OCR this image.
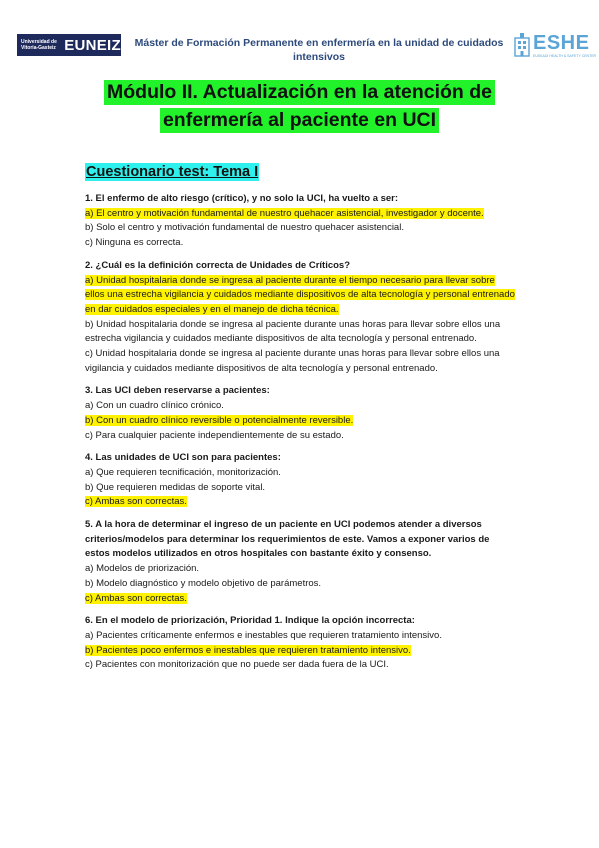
Universidad de Vitoria-Gasteiz EUNEIZ	Máster de Formación Permanente en enfermería en la unidad de cuidados intensivos
ESHE
EUSKADI HEALTH & SAFETY CENTER
Módulo II. Actualización en la atención de
enfermería al paciente en UCI
Cuestionario test: Tema I
1. El enfermo de alto riesgo (crítico), y no solo la UCI, ha vuelto a ser:
a) El centro y motivación fundamental de nuestro quehacer asistencial, investigador y docente.
b) Solo el centro y motivación fundamental de nuestro quehacer asistencial.
c) Ninguna es correcta.
2. ¿Cuál es la definición correcta de Unidades de Críticos?
a) Unidad hospitalaria donde se ingresa al paciente durante el tiempo necesario para llevar sobre ellos una estrecha vigilancia y cuidados mediante dispositivos de alta tecnología y personal entrenado en dar cuidados especiales y en el manejo de dicha técnica.
b) Unidad hospitalaria donde se ingresa al paciente durante unas horas para llevar sobre ellos una estrecha vigilancia y cuidados mediante dispositivos de alta tecnología y personal entrenado.
c) Unidad hospitalaria donde se ingresa al paciente durante unas horas para llevar sobre ellos una vigilancia y cuidados mediante dispositivos de alta tecnología y personal entrenado.
3. Las UCI deben reservarse a pacientes:
a) Con un cuadro clínico crónico.
b) Con un cuadro clínico reversible o potencialmente reversible.
c) Para cualquier paciente independientemente de su estado.
4. Las unidades de UCI son para pacientes:
a) Que requieren tecnificación, monitorización.
b) Que requieren medidas de soporte vital.
c) Ambas son correctas.
5. A la hora de determinar el ingreso de un paciente en UCI podemos atender a diversos criterios/modelos para determinar los requerimientos de este. Vamos a exponer varios de estos modelos utilizados en otros hospitales con bastante éxito y consenso.
a) Modelos de priorización.
b) Modelo diagnóstico y modelo objetivo de parámetros.
c) Ambas son correctas.
6. En el modelo de priorización, Prioridad 1. Indique la opción incorrecta:
a) Pacientes críticamente enfermos e inestables que requieren tratamiento intensivo.
b) Pacientes poco enfermos e inestables que requieren tratamiento intensivo.
c) Pacientes con monitorización que no puede ser dada fuera de la UCI.
